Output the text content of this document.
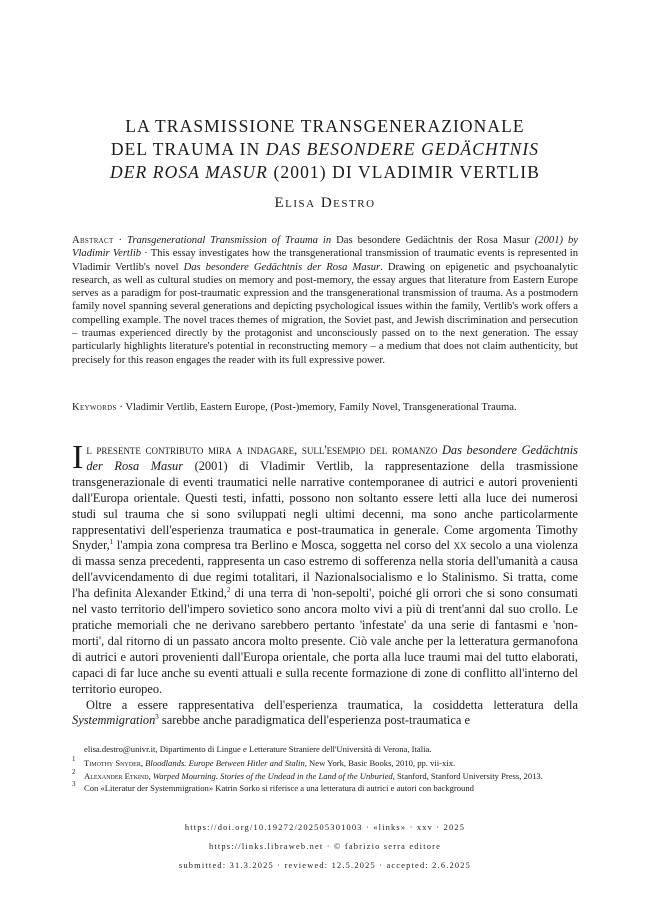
LA TRASMISSIONE TRANSGENERAZIONALE
DEL TRAUMA IN DAS BESONDERE GEDÄCHTNIS
DER ROSA MASUR (2001) DI VLADIMIR VERTLIB
Elisa Destro
Abstract · Transgenerational Transmission of Trauma in Das besondere Gedächtnis der Rosa Masur (2001) by Vladimir Vertlib · This essay investigates how the transgenerational transmission of traumatic events is represented in Vladimir Vertlib's novel Das besondere Gedächtnis der Rosa Masur. Drawing on epigenetic and psychoanalytic research, as well as cultural studies on memory and post-memory, the essay argues that literature from Eastern Europe serves as a paradigm for post-traumatic expression and the transgenerational transmission of trauma. As a postmodern family novel spanning several generations and depicting psychological issues within the family, Vertlib's work offers a compelling example. The novel traces themes of migration, the Soviet past, and Jewish discrimination and persecution – traumas experienced directly by the protagonist and unconsciously passed on to the next generation. The essay particularly highlights literature's potential in reconstructing memory – a medium that does not claim authenticity, but precisely for this reason engages the reader with its full expressive power.
Keywords · Vladimir Vertlib, Eastern Europe, (Post-)memory, Family Novel, Transgenerational Trauma.

Il presente contributo mira a indagare, sull'esempio del romanzo Das besondere Gedächtnis der Rosa Masur (2001) di Vladimir Vertlib, la rappresentazione della trasmissione transgenerazionale di eventi traumatici nelle narrative contemporanee di autrici e autori provenienti dall'Europa orientale. Questi testi, infatti, possono non soltanto essere letti alla luce dei numerosi studi sul trauma che si sono sviluppati negli ultimi decenni, ma sono anche particolarmente rappresentativi dell'esperienza traumatica e post-traumatica in generale. Come argomenta Timothy Snyder,$^1$ l'ampia zona compresa tra Berlino e Mosca, soggetta nel corso del xx secolo a una violenza di massa senza precedenti, rappresenta un caso estremo di sofferenza nella storia dell'umanità a causa dell'avvicendamento di due regimi totalitari, il Nazionalsocialismo e lo Stalinismo. Si tratta, come l'ha definita Alexander Etkind,$^2$ di una terra di 'non-sepolti', poiché gli orrori che si sono consumati nel vasto territorio dell'impero sovietico sono ancora molto vivi a più di trent'anni dal suo crollo. Le pratiche memoriali che ne derivano sarebbero pertanto 'infestate' da una serie di fantasmi e 'non-morti', dal ritorno di un passato ancora molto presente. Ciò vale anche per la letteratura germanofona di autrici e autori provenienti dall'Europa orientale, che porta alla luce traumi mai del tutto elaborati, capaci di far luce anche su eventi attuali e sulla recente formazione di zone di conflitto all'interno del territorio europeo.

Oltre a essere rappresentativa dell'esperienza traumatica, la cosiddetta letteratura della Systemmigration$^3$ sarebbe anche paradigmatica dell'esperienza post-traumatica e

elisa.destro@univr.it, Dipartimento di Lingue e Letterature Straniere dell'Università di Verona, Italia.
$^1$ Timothy Snyder, Bloodlands. Europe Between Hitler and Stalin, New York, Basic Books, 2010, pp. vii-xix.
$^2$ Alexander Etkind, Warped Mourning. Stories of the Undead in the Land of the Unburied, Stanford, Stanford University Press, 2013.
$^3$ Con «Literatur der Systemmigration» Katrin Sorko si riferisce a una letteratura di autrici e autori con background
https://doi.org/10.19272/202505301003 · «links» · xxv · 2025
https://links.libraweb.net · © fabrizio serra editore
submitted: 31.3.2025 · reviewed: 12.5.2025 · accepted: 2.6.2025
